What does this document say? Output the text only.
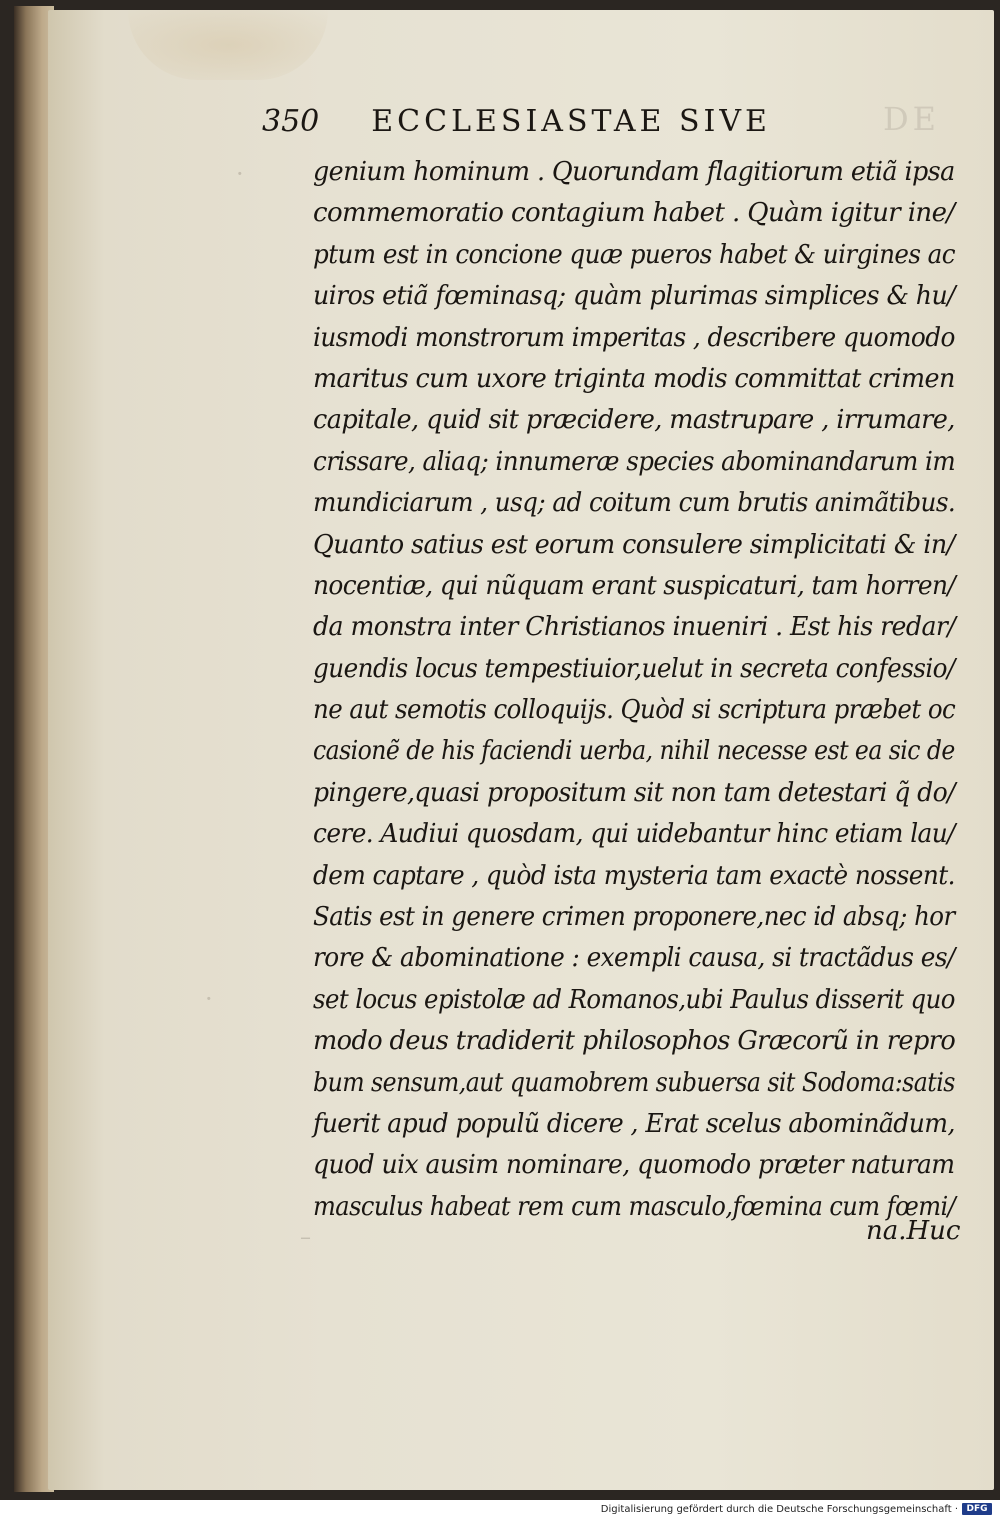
DE
·
·
–
350 ECCLESIASTAE SIVE
genium hominum . Quorundam flagitiorum etiã ipsa
commemoratio contagium habet . Quàm igitur ine/
ptum est in concione quæ pueros habet & uirgines ac
uiros etiã fœminasq; quàm plurimas simplices & hu/
iusmodi monstrorum imperitas , describere quomodo
maritus cum uxore triginta modis committat crimen
capitale, quid sit præcidere, mastrupare , irrumare,
crissare, aliaq; innumeræ species abominandarum im
mundiciarum , usq; ad coitum cum brutis animãtibus.
Quanto satius est eorum consulere simplicitati & in/
nocentiæ, qui nũquam erant suspicaturi, tam horren/
da monstra inter Christianos inueniri . Est his redar/
guendis locus tempestiuior,uelut in secreta confessio/
ne aut semotis colloquijs. Quòd si scriptura præbet oc
casionẽ de his faciendi uerba, nihil necesse est ea sic de
pingere,quasi propositum sit non tam detestari q̃ do/
cere. Audiui quosdam, qui uidebantur hinc etiam lau/
dem captare , quòd ista mysteria tam exactè nossent.
Satis est in genere crimen proponere,nec id absq; hor
rore & abominatione : exempli causa, si tractãdus es/
set locus epistolæ ad Romanos,ubi Paulus disserit quo
modo deus tradiderit philosophos Græcorũ in repro
bum sensum,aut quamobrem subuersa sit Sodoma:satis
fuerit apud populũ dicere , Erat scelus abominãdum,
quod uix ausim nominare, quomodo præter naturam
masculus habeat rem cum masculo,fœmina cum fœmi/
na.Huc
Digitalisierung gefördert durch die Deutsche Forschungsgemeinschaft · DFG
